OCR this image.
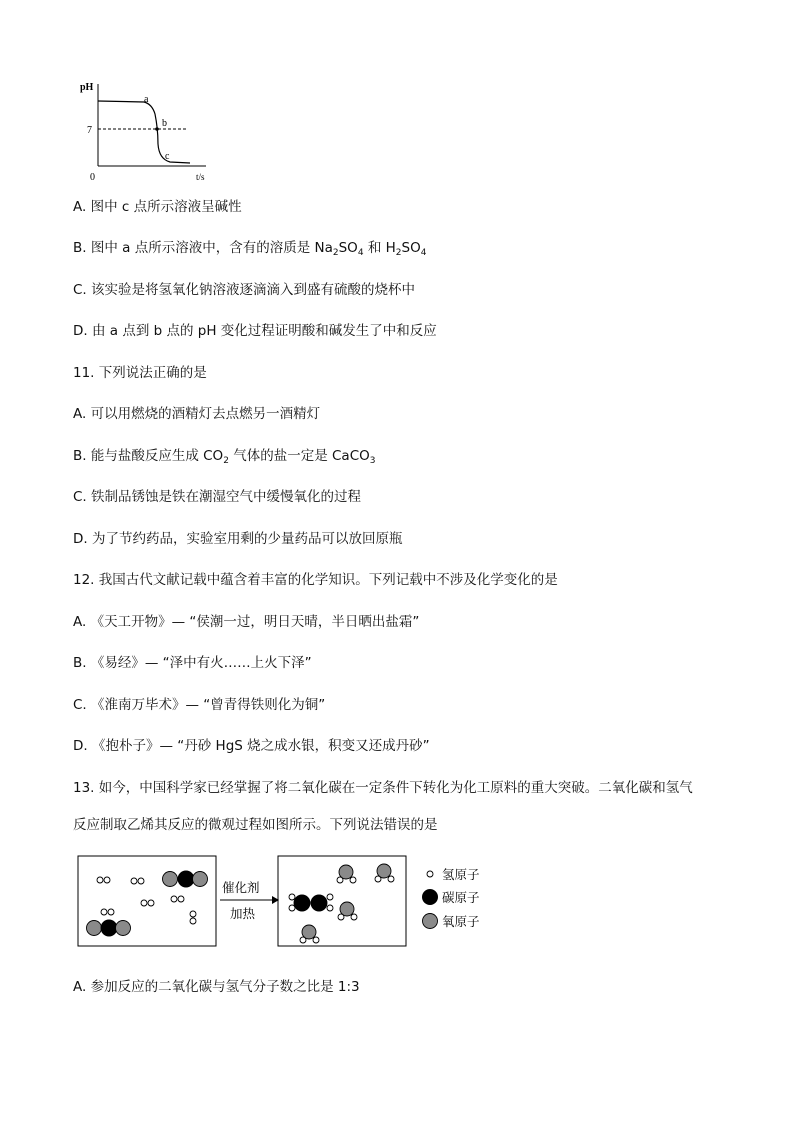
pH
7
0	t/s
a
b
c
A. 图中 c 点所示溶液呈碱性
B. 图中 a 点所示溶液中，含有的溶质是 $Na_2SO_4$ 和 $H_2SO_4$
C. 该实验是将氢氧化钠溶液逐滴滴入到盛有硫酸的烧杯中
D. 由 a 点到 b 点的 pH 变化过程证明酸和碱发生了中和反应
11. 下列说法正确的是
A. 可以用燃烧的酒精灯去点燃另一酒精灯
B. 能与盐酸反应生成 $CO_2$ 气体的盐一定是 CaCO$_3$
C. 铁制品锈蚀是铁在潮湿空气中缓慢氧化的过程
D. 为了节约药品，实验室用剩的少量药品可以放回原瓶
12. 我国古代文献记载中蕴含着丰富的化学知识。下列记载中不涉及化学变化的是
A. 《天工开物》— “侯潮一过，明日天晴，半日晒出盐霜”
B. 《易经》— “泽中有火……上火下泽”
C. 《淮南万毕术》— “曾青得铁则化为铜”
D. 《抱朴子》— “丹砂 HgS 烧之成水银，积变又还成丹砂”
13. 如今，中国科学家已经掌握了将二氧化碳在一定条件下转化为化工原料的重大突破。二氧化碳和氢气
反应制取乙烯其反应的微观过程如图所示。下列说法错误的是
催化剂
加热
氢原子
碳原子
氧原子
A. 参加反应的二氧化碳与氢气分子数之比是 1:3
